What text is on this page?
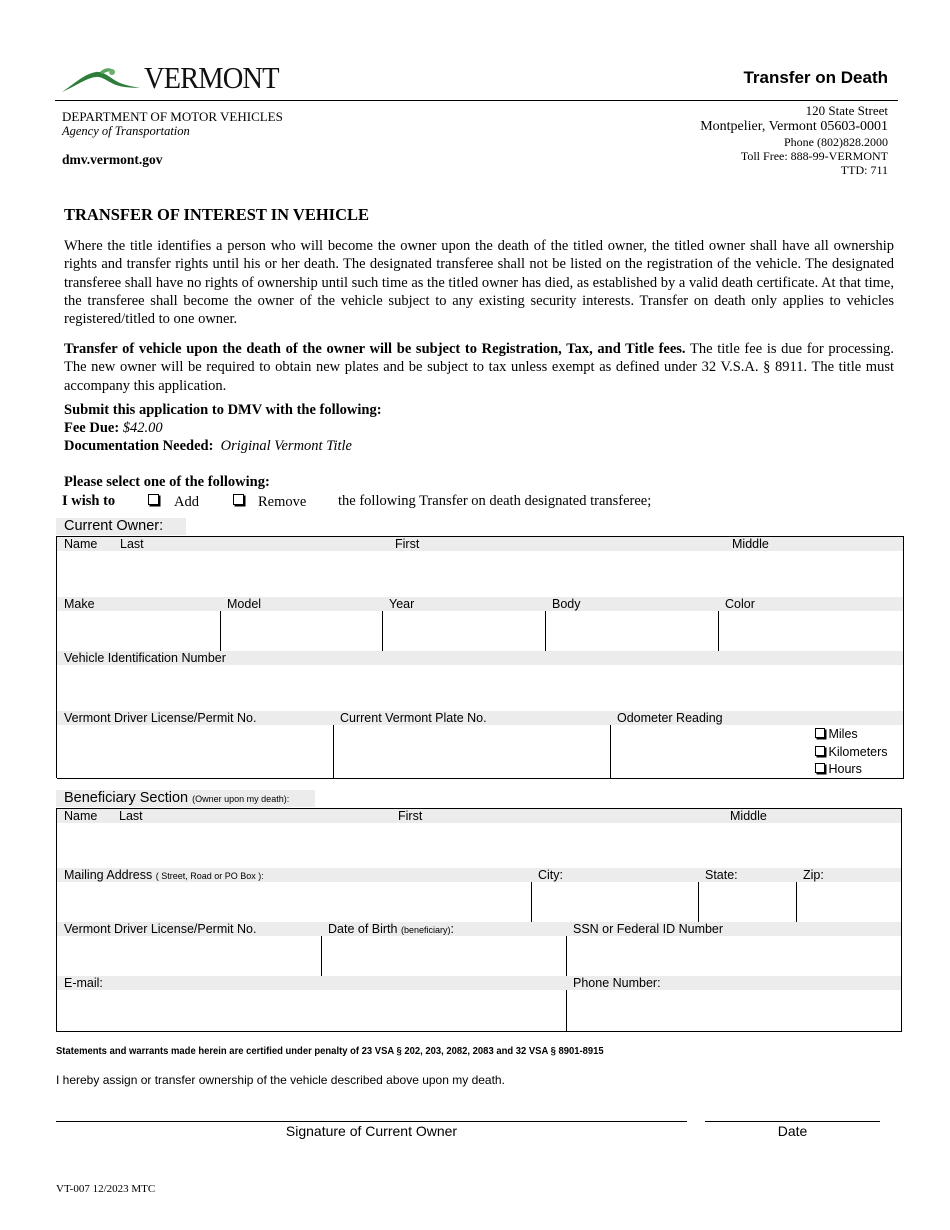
VERMONT	Transfer on Death
DEPARTMENT OF MOTOR VEHICLES
Agency of Transportation
dmv.vermont.gov
120 State Street
Montpelier, Vermont 05603-0001
Phone (802)828.2000
Toll Free: 888-99-VERMONT
TTD: 711
TRANSFER OF INTEREST IN VEHICLE
Where the title identifies a person who will become the owner upon the death of the titled owner, the titled owner shall have all ownership rights and transfer rights until his or her death. The designated transferee shall not be listed on the registration of the vehicle. The designated transferee shall have no rights of ownership until such time as the titled owner has died, as established by a valid death certificate. At that time, the transferee shall become the owner of the vehicle subject to any existing security interests. Transfer on death only applies to vehicles registered/titled to one owner.
Transfer of vehicle upon the death of the owner will be subject to Registration, Tax, and Title fees. The title fee is due for processing. The new owner will be required to obtain new plates and be subject to tax unless exempt as defined under 32 V.S.A. § 8911. The title must accompany this application.
Submit this application to DMV with the following:
Fee Due: $42.00
Documentation Needed: Original Vermont Title
Please select one of the following:
I wish to	Add	Remove the following Transfer on death designated transferee;
Current Owner:
Name Last	First	Middle
Make	Model	Year	Body	Color
Vehicle Identification Number
Vermont Driver License/Permit No.	Current Vermont Plate No.	Odometer Reading
Miles
Kilometers
Hours
Beneficiary Section (Owner upon my death):
Name Last	First	Middle
Mailing Address ( Street, Road or PO Box ):	City:	State:	Zip:
Vermont Driver License/Permit No.	Date of Birth (beneficiary):	SSN or Federal ID Number
E-mail:	Phone Number:
Statements and warrants made herein are certified under penalty of 23 VSA § 202, 203, 2082, 2083 and 32 VSA § 8901-8915
I hereby assign or transfer ownership of the vehicle described above upon my death.
Signature of Current Owner	Date
VT-007 12/2023 MTC
